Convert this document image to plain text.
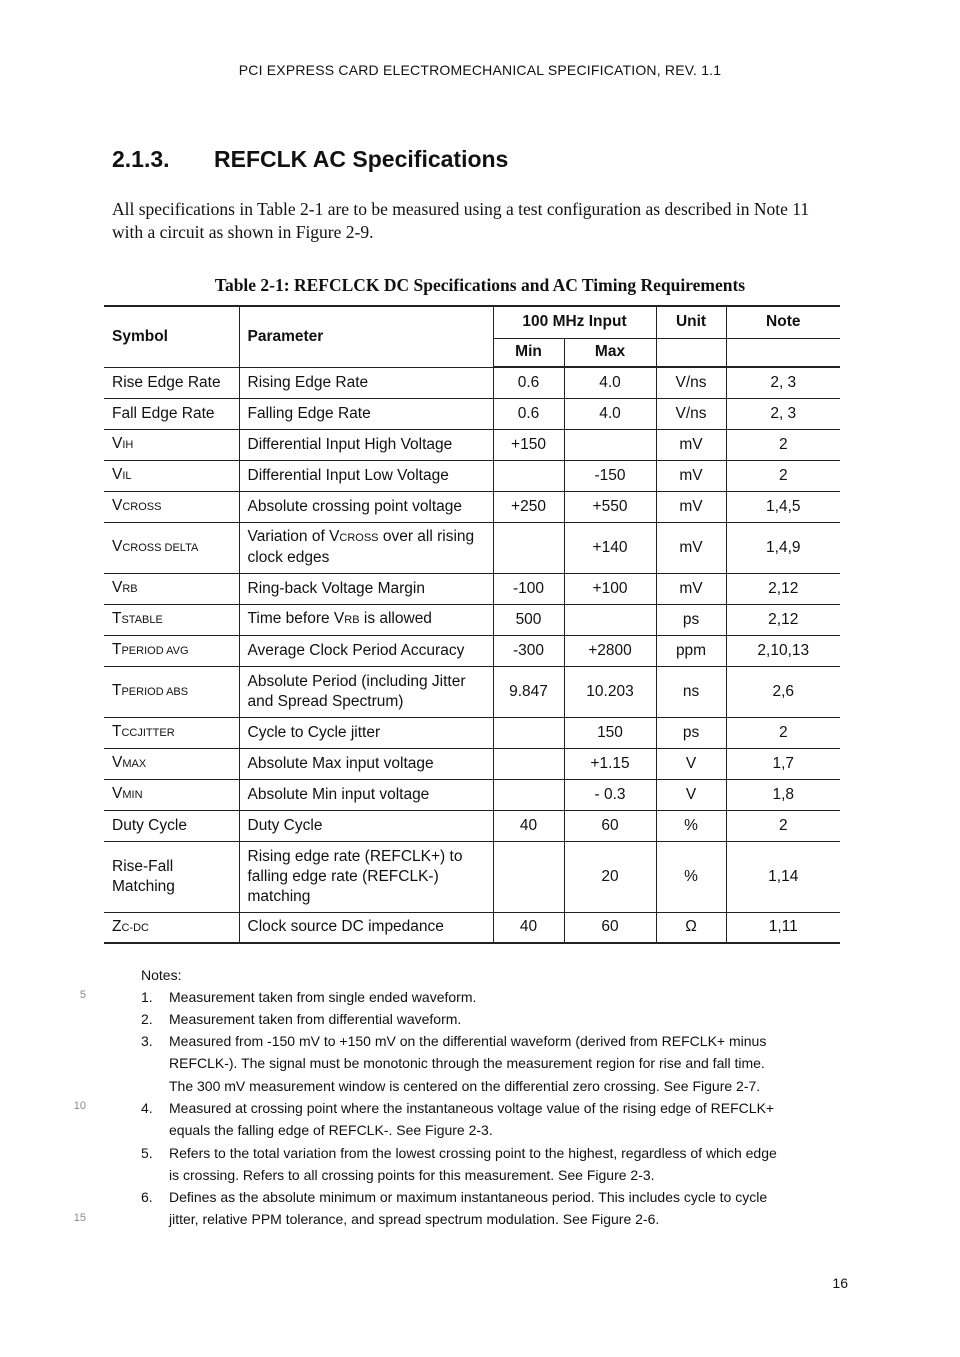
PCI EXPRESS CARD ELECTROMECHANICAL SPECIFICATION, REV. 1.1
2.1.3. REFCLK AC Specifications
All specifications in Table 2-1 are to be measured using a test configuration as described in Note 11 with a circuit as shown in Figure 2-9.
Table 2-1: REFCLCK DC Specifications and AC Timing Requirements
Symbol	Parameter	100 MHz Input		Unit	Note
		Min	Max		
Rise Edge Rate	Rising Edge Rate	0.6	4.0	V/ns	2, 3
Fall Edge Rate	Falling Edge Rate	0.6	4.0	V/ns	2, 3
VIH	Differential Input High Voltage	+150		mV	2
VIL	Differential Input Low Voltage		-150	mV	2
VCROSS	Absolute crossing point voltage	+250	+550	mV	1,4,5
VCROSS DELTA	Variation of VCROSS over all rising clock edges		+140	mV	1,4,9
VRB	Ring-back Voltage Margin	-100	+100	mV	2,12
TSTABLE	Time before VRB is allowed	500		ps	2,12
TPERIOD AVG	Average Clock Period Accuracy	-300	+2800	ppm	2,10,13
TPERIOD ABS	Absolute Period (including Jitter and Spread Spectrum)	9.847	10.203	ns	2,6
TCCJITTER	Cycle to Cycle jitter		150	ps	2
VMAX	Absolute Max input voltage		+1.15	V	1,7
VMIN	Absolute Min input voltage		- 0.3	V	1,8
Duty Cycle	Duty Cycle	40	60	%	2
Rise-Fall Matching	Rising edge rate (REFCLK+) to falling edge rate (REFCLK-) matching		20	%	1,14
ZC-DC	Clock source DC impedance	40	60	Ω	1,11
Notes:
1. Measurement taken from single ended waveform.
2. Measurement taken from differential waveform.
3. Measured from -150 mV to +150 mV on the differential waveform (derived from REFCLK+ minus REFCLK-). The signal must be monotonic through the measurement region for rise and fall time. The 300 mV measurement window is centered on the differential zero crossing. See Figure 2-7.
4. Measured at crossing point where the instantaneous voltage value of the rising edge of REFCLK+ equals the falling edge of REFCLK-. See Figure 2-3.
5. Refers to the total variation from the lowest crossing point to the highest, regardless of which edge is crossing. Refers to all crossing points for this measurement. See Figure 2-3.
6. Defines as the absolute minimum or maximum instantaneous period. This includes cycle to cycle jitter, relative PPM tolerance, and spread spectrum modulation. See Figure 2-6.
5
10
15
16
